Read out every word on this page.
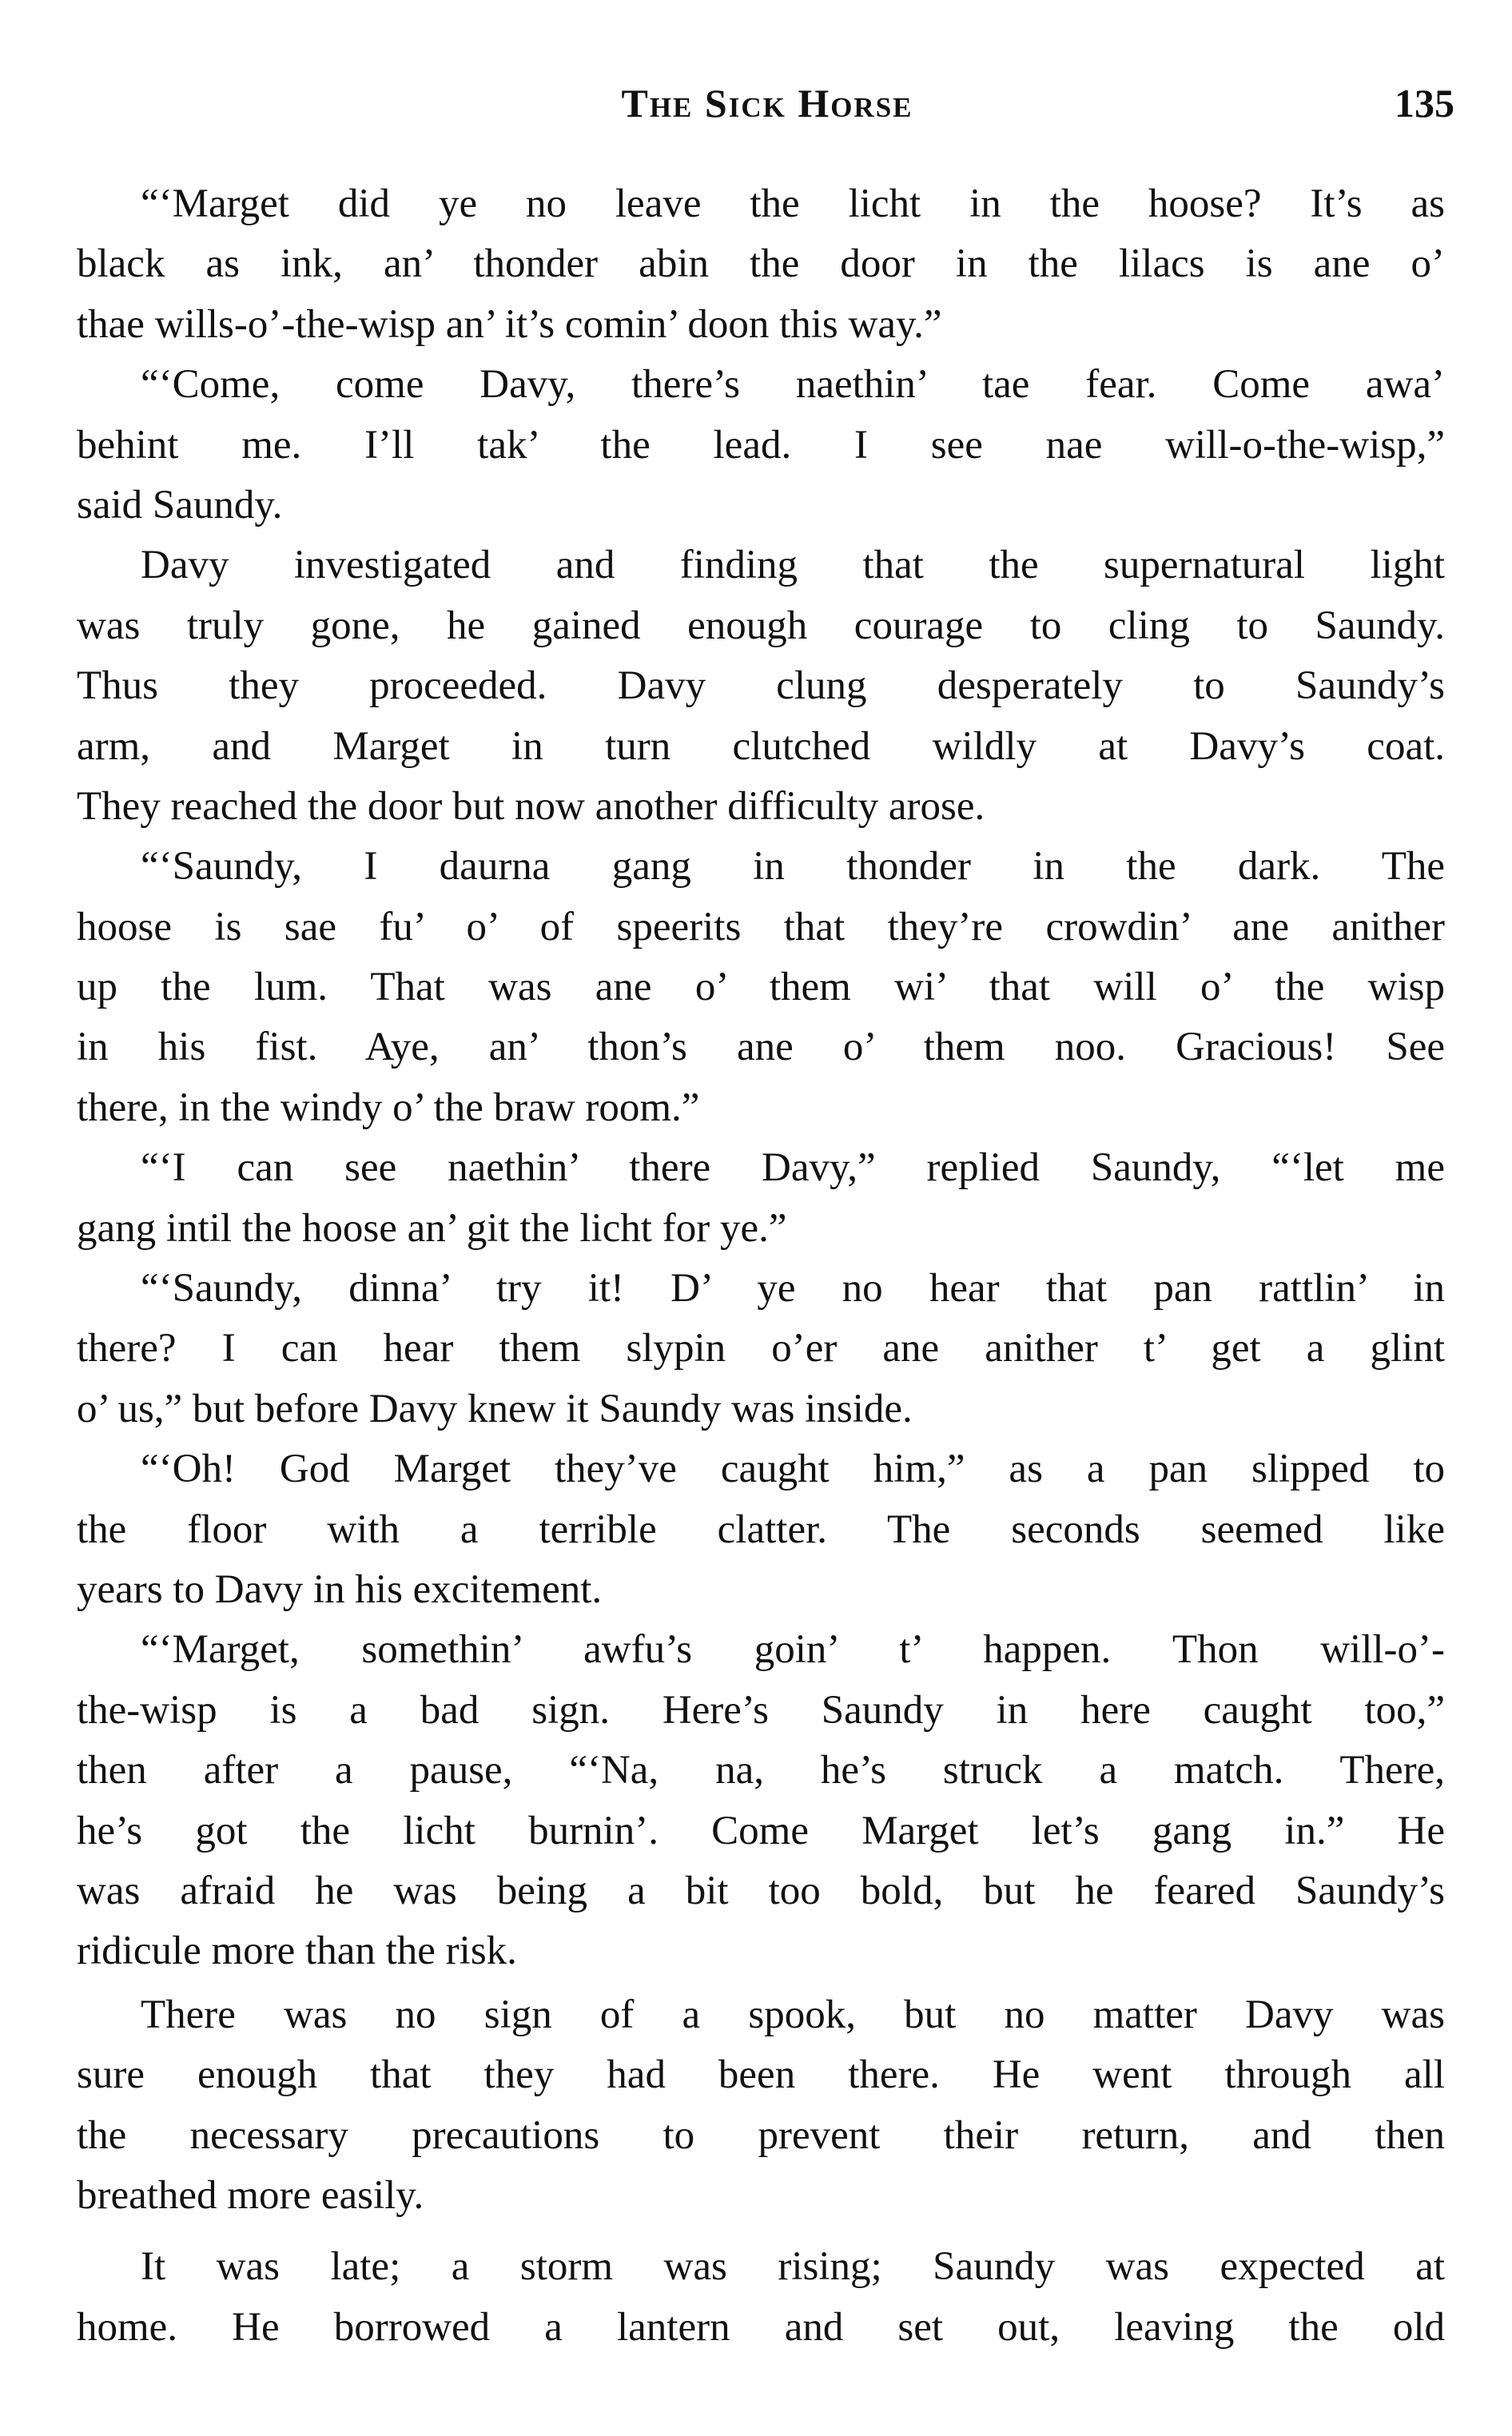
The Sick Horse	135
“‘Marget did ye no leave the licht in the hoose? It’s as
black as ink, an’ thonder abin the door in the lilacs is ane o’
thae wills-o’-the-wisp an’ it’s comin’ doon this way.”
“‘Come, come Davy, there’s naethin’ tae fear. Come awa’
behint me. I’ll tak’ the lead. I see nae will-o-the-wisp,”
said Saundy.
Davy investigated and finding that the supernatural light
was truly gone, he gained enough courage to cling to Saundy.
Thus they proceeded. Davy clung desperately to Saundy’s
arm, and Marget in turn clutched wildly at Davy’s coat.
They reached the door but now another difficulty arose.
“‘Saundy, I daurna gang in thonder in the dark. The
hoose is sae fu’ o’ of speerits that they’re crowdin’ ane anither
up the lum. That was ane o’ them wi’ that will o’ the wisp
in his fist. Aye, an’ thon’s ane o’ them noo. Gracious! See
there, in the windy o’ the braw room.”
“‘I can see naethin’ there Davy,” replied Saundy, “‘let me
gang intil the hoose an’ git the licht for ye.”
“‘Saundy, dinna’ try it! D’ ye no hear that pan rattlin’ in
there? I can hear them slypin o’er ane anither t’ get a glint
o’ us,” but before Davy knew it Saundy was inside.
“‘Oh! God Marget they’ve caught him,” as a pan slipped to
the floor with a terrible clatter. The seconds seemed like
years to Davy in his excitement.
“‘Marget, somethin’ awfu’s goin’ t’ happen. Thon will-o’-
the-wisp is a bad sign. Here’s Saundy in here caught too,”
then after a pause, “‘Na, na, he’s struck a match. There,
he’s got the licht burnin’. Come Marget let’s gang in.” He
was afraid he was being a bit too bold, but he feared Saundy’s
ridicule more than the risk.
There was no sign of a spook, but no matter Davy was
sure enough that they had been there. He went through all
the necessary precautions to prevent their return, and then
breathed more easily.
It was late; a storm was rising; Saundy was expected at
home. He borrowed a lantern and set out, leaving the old
